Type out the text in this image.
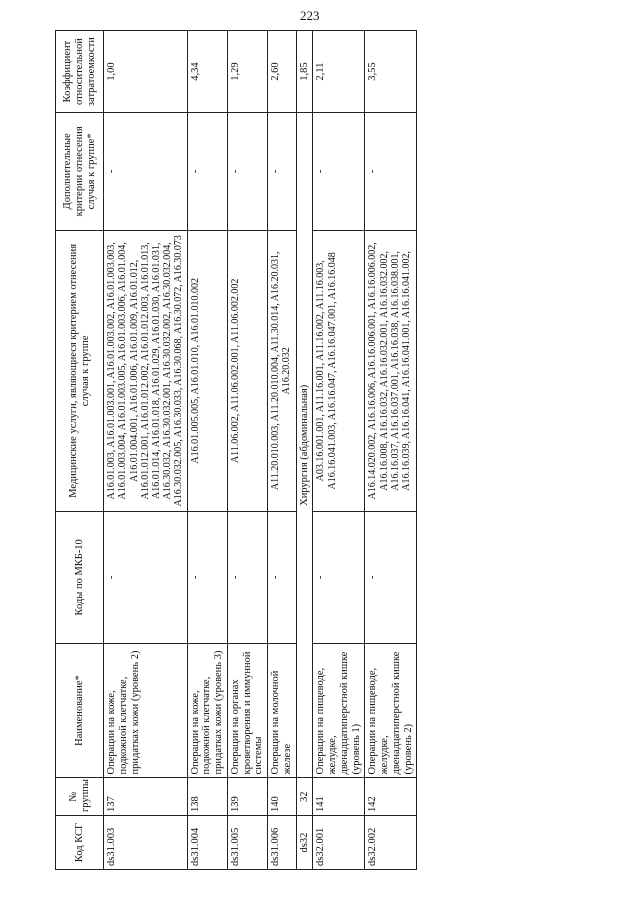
223
Код КСГ	№ группы	Наименование*	Коды по МКБ-10	Медицинские услуги, являющиеся критерием отнесения случая к группе	Дополнительные критерии отнесения случая к группе*	Коэффициент относительной затратоемкости
ds31.003	137	Операции на коже, подкожной клетчатке, придатках кожи (уровень 2)	-	A16.01.003, A16.01.003.001, A16.01.003.002, A16.01.003.003, A16.01.003.004, A16.01.003.005, A16.01.003.006, A16.01.004, A16.01.004.001, A16.01.006, A16.01.009, A16.01.012, A16.01.012.001, A16.01.012.002, A16.01.012.003, A16.01.013, A16.01.014, A16.01.018, A16.01.029, A16.01.030, A16.01.031, A16.30.032, A16.30.032.001, A16.30.032.002, A16.30.032.004, A16.30.032.005, A16.30.033, A16.30.068, A16.30.072, A16.30.073	-	1,00
ds31.004	138	Операции на коже, подкожной клетчатке, придатках кожи (уровень 3)	-	A16.01.005.005, A16.01.010, A16.01.010.002	-	4,34
ds31.005	139	Операции на органах кроветворения и иммунной системы	-	A11.06.002, A11.06.002.001, A11.06.002.002	-	1,29
ds31.006	140	Операции на молочной железе	-	A11.20.010.003, A11.20.010.004, A11.30.014, A16.20.031, A16.20.032	-	2,60
ds32	32	Хирургия (абдоминальная)				1,85
ds32.001	141	Операции на пищеводе, желудке, двенадцатиперстной кишке (уровень 1)	-	A03.16.001.001, A11.16.001, A11.16.002, A11.16.003, A16.16.041.003, A16.16.047, A16.16.047.001, A16.16.048	-	2,11
ds32.002	142	Операции на пищеводе, желудке, двенадцатиперстной кишке (уровень 2)	-	A16.14.020.002, A16.16.006, A16.16.006.001, A16.16.006.002, A16.16.008, A16.16.032, A16.16.032.001, A16.16.032.002, A16.16.037, A16.16.037.001, A16.16.038, A16.16.038.001, A16.16.039, A16.16.041, A16.16.041.001, A16.16.041.002,	-	3,55
